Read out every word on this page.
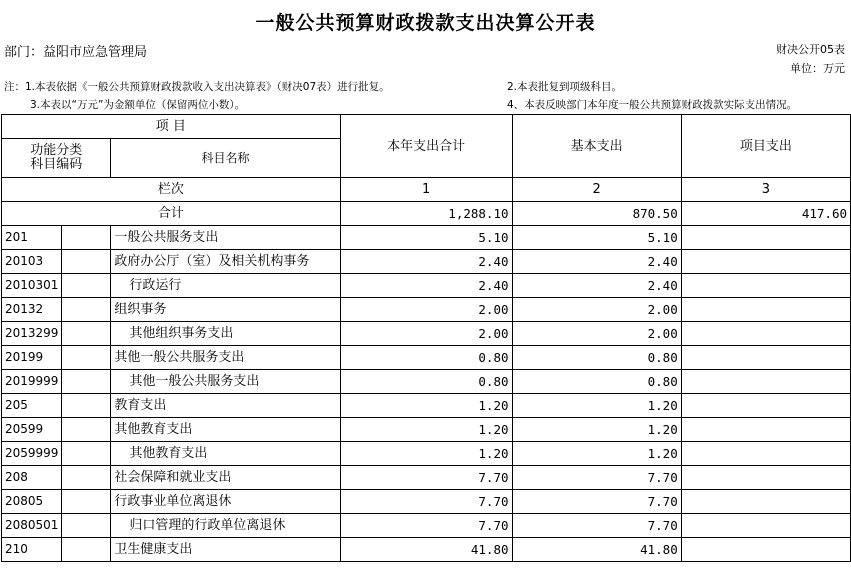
一般公共预算财政拨款支出决算公开表
部门：益阳市应急管理局	财决公开05表
单位：万元
注：1.本表依据《一般公共预算财政拨款收入支出决算表》（财决07表）进行批复。	2.本表批复到项级科目。
3.本表以“万元”为金额单位（保留两位小数）。	4、本表反映部门本年度一般公共预算财政拨款实际支出情况。
项 目			本年支出合计	基本支出	项目支出

功能分类
科目编码		科目名称			
栏次			1	2	3
合计			1,288.10	870.50	417.60
201		一般公共服务支出	5.10	5.10	
20103		政府办公厅（室）及相关机构事务	2.40	2.40	
2010301		行政运行	2.40	2.40	
20132		组织事务	2.00	2.00	
2013299		其他组织事务支出	2.00	2.00	
20199		其他一般公共服务支出	0.80	0.80	
2019999		其他一般公共服务支出	0.80	0.80	
205		教育支出	1.20	1.20	
20599		其他教育支出	1.20	1.20	
2059999		其他教育支出	1.20	1.20	
208		社会保障和就业支出	7.70	7.70	
20805		行政事业单位离退休	7.70	7.70	
2080501		归口管理的行政单位离退休	7.70	7.70	
210		卫生健康支出	41.80	41.80	
